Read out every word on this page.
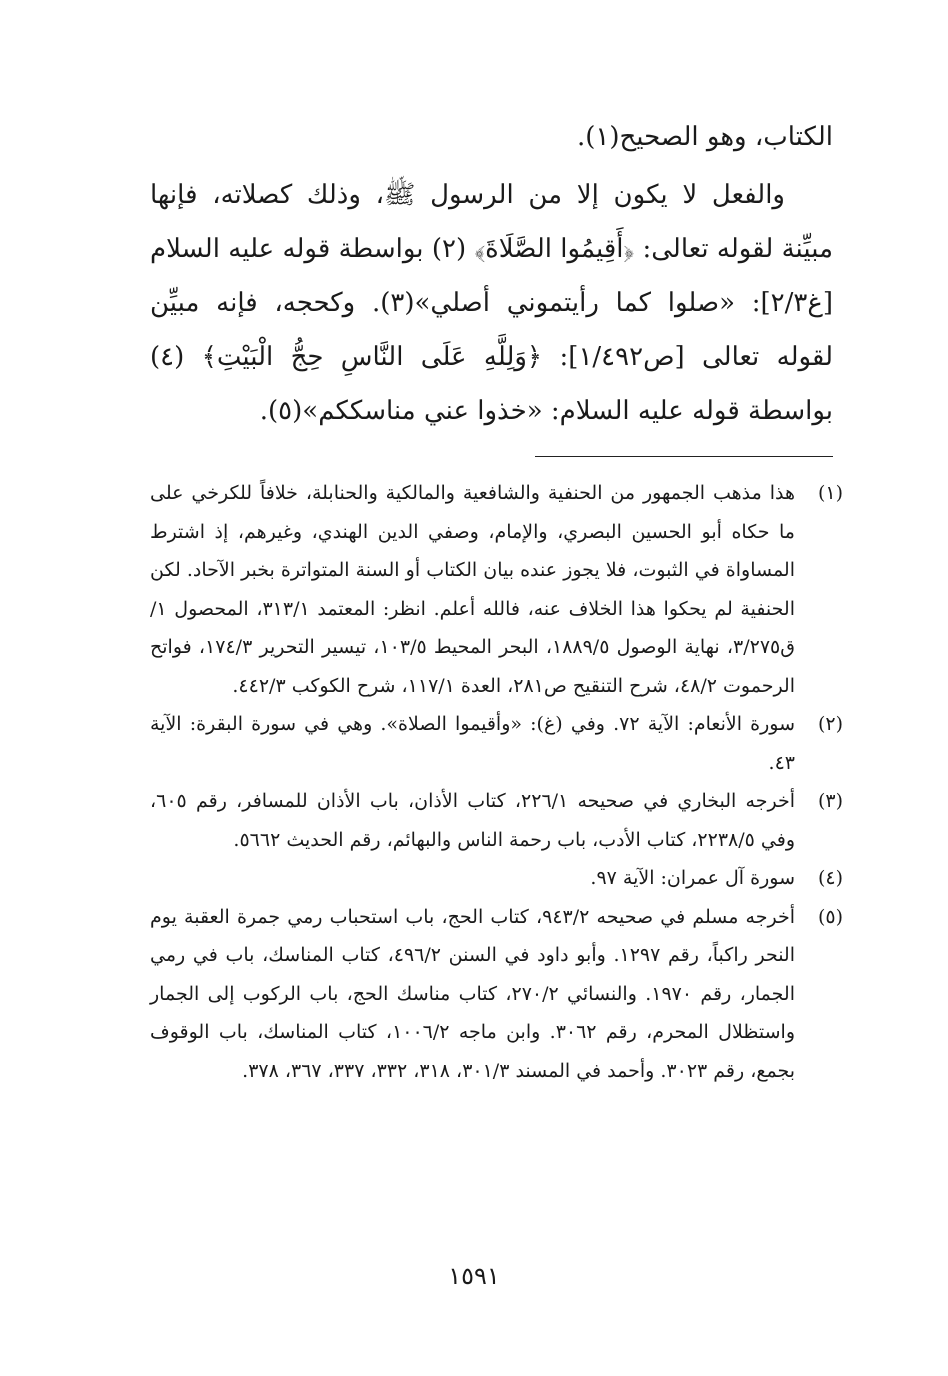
الكتاب، وهو الصحيح(١).

والفعل لا يكون إلا من الرسول ﷺ، وذلك كصلاته، فإنها مبيِّنة لقوله تعالى: ﴿أَقِيمُوا الصَّلَاةَ﴾ (٢) بواسطة قوله عليه السلام [غ٢/٣]: «صلوا كما رأيتموني أصلي»(٣). وكحجه، فإنه مبيِّن لقوله تعالى [ص١/٤٩٢]: ﴿وَلِلَّهِ عَلَى النَّاسِ حِجُّ الْبَيْتِ﴾ (٤) بواسطة قوله عليه السلام: «خذوا عني مناسككم»(٥).

(١)
هذا مذهب الجمهور من الحنفية والشافعية والمالكية والحنابلة، خلافاً للكرخي على ما حكاه أبو الحسين البصري، والإمام، وصفي الدين الهندي، وغيرهم، إذ اشترط المساواة في الثبوت، فلا يجوز عنده بيان الكتاب أو السنة المتواترة بخبر الآحاد. لكن الحنفية لم يحكوا هذا الخلاف عنه، فالله أعلم. انظر: المعتمد ٣١٣/١، المحصول ١/ق٣/٢٧٥، نهاية الوصول ١٨٨٩/٥، البحر المحيط ١٠٣/٥، تيسير التحرير ١٧٤/٣، فواتح الرحموت ٤٨/٢، شرح التنقيح ص٢٨١، العدة ١١٧/١، شرح الكوكب ٤٤٢/٣.
(٢)
سورة الأنعام: الآية ٧٢. وفي (غ): «وأقيموا الصلاة». وهي في سورة البقرة: الآية ٤٣.
(٣)
أخرجه البخاري في صحيحه ٢٢٦/١، كتاب الأذان، باب الأذان للمسافر، رقم ٦٠٥، وفي ٢٢٣٨/٥، كتاب الأدب، باب رحمة الناس والبهائم، رقم الحديث ٥٦٦٢.
(٤)
سورة آل عمران: الآية ٩٧.
(٥)
أخرجه مسلم في صحيحه ٩٤٣/٢، كتاب الحج، باب استحباب رمي جمرة العقبة يوم النحر راكباً، رقم ١٢٩٧. وأبو داود في السنن ٤٩٦/٢، كتاب المناسك، باب في رمي الجمار، رقم ١٩٧٠. والنسائي ٢٧٠/٢، كتاب مناسك الحج، باب الركوب إلى الجمار واستظلال المحرم، رقم ٣٠٦٢. وابن ماجه ١٠٠٦/٢، كتاب المناسك، باب الوقوف بجمع، رقم ٣٠٢٣. وأحمد في المسند ٣٠١/٣، ٣١٨، ٣٣٢، ٣٣٧، ٣٦٧، ٣٧٨.
١٥٩١
